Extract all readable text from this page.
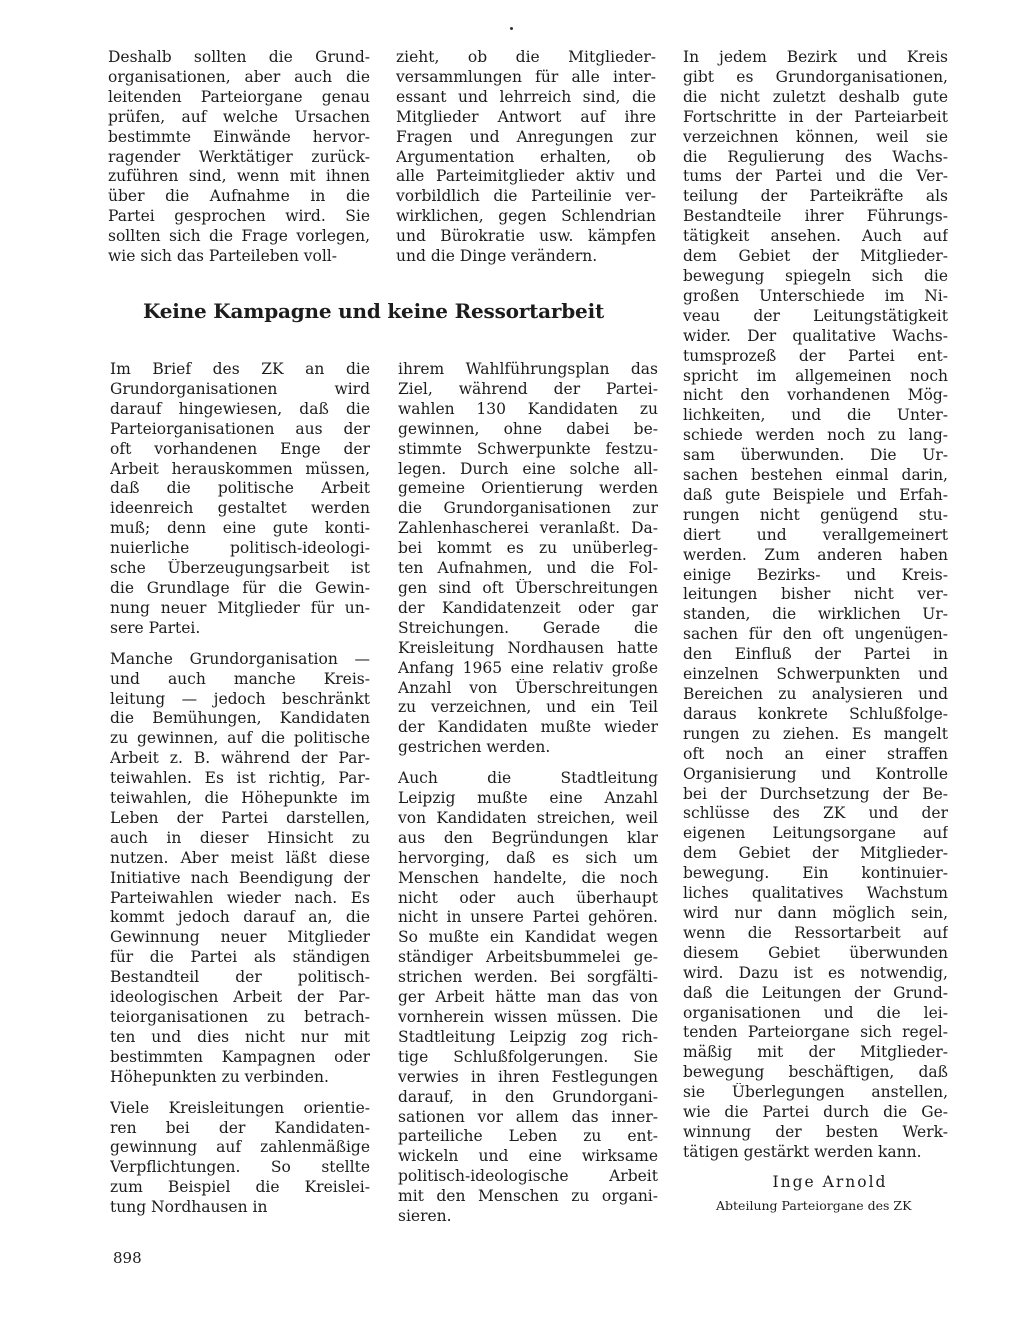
Deshalb sollten die Grund-
organisationen, aber auch die
leitenden Parteiorgane genau
prüfen, auf welche Ursachen
bestimmte Einwände hervor-
ragender Werktätiger zurück-
zuführen sind, wenn mit ihnen
über die Aufnahme in die
Partei gesprochen wird. Sie
sollten sich die Frage vorlegen,
wie sich das Parteileben voll-
zieht, ob die Mitglieder-
versammlungen für alle inter-
essant und lehrreich sind, die
Mitglieder Antwort auf ihre
Fragen und Anregungen zur
Argumentation erhalten, ob
alle Parteimitglieder aktiv und
vorbildlich die Parteilinie ver-
wirklichen, gegen Schlendrian
und Bürokratie usw. kämpfen
und die Dinge verändern.
Keine Kampagne und keine Ressortarbeit
Im Brief des ZK an die
Grundorganisationen wird
darauf hingewiesen, daß die
Parteiorganisationen aus der
oft vorhandenen Enge der
Arbeit herauskommen müssen,
daß die politische Arbeit
ideenreich gestaltet werden
muß; denn eine gute konti-
nuierliche politisch-ideologi-
sche Überzeugungsarbeit ist
die Grundlage für die Gewin-
nung neuer Mitglieder für un-
sere Partei.
Manche Grundorganisation —
und auch manche Kreis-
leitung — jedoch beschränkt
die Bemühungen, Kandidaten
zu gewinnen, auf die politische
Arbeit z. B. während der Par-
teiwahlen. Es ist richtig, Par-
teiwahlen, die Höhepunkte im
Leben der Partei darstellen,
auch in dieser Hinsicht zu
nutzen. Aber meist läßt diese
Initiative nach Beendigung der
Parteiwahlen wieder nach. Es
kommt jedoch darauf an, die
Gewinnung neuer Mitglieder
für die Partei als ständigen
Bestandteil der politisch-
ideologischen Arbeit der Par-
teiorganisationen zu betrach-
ten und dies nicht nur mit
bestimmten Kampagnen oder
Höhepunkten zu verbinden.
Viele Kreisleitungen orientie-
ren bei der Kandidaten-
gewinnung auf zahlenmäßige
Verpflichtungen. So stellte
zum Beispiel die Kreislei-
tung Nordhausen in
ihrem Wahlführungsplan das
Ziel, während der Partei-
wahlen 130 Kandidaten zu
gewinnen, ohne dabei be-
stimmte Schwerpunkte festzu-
legen. Durch eine solche all-
gemeine Orientierung werden
die Grundorganisationen zur
Zahlenhascherei veranlaßt. Da-
bei kommt es zu unüberleg-
ten Aufnahmen, und die Fol-
gen sind oft Überschreitungen
der Kandidatenzeit oder gar
Streichungen. Gerade die
Kreisleitung Nordhausen hatte
Anfang 1965 eine relativ große
Anzahl von Überschreitungen
zu verzeichnen, und ein Teil
der Kandidaten mußte wieder
gestrichen werden.
Auch die Stadtleitung
Leipzig mußte eine Anzahl
von Kandidaten streichen, weil
aus den Begründungen klar
hervorging, daß es sich um
Menschen handelte, die noch
nicht oder auch überhaupt
nicht in unsere Partei gehören.
So mußte ein Kandidat wegen
ständiger Arbeitsbummelei ge-
strichen werden. Bei sorgfälti-
ger Arbeit hätte man das von
vornherein wissen müssen. Die
Stadtleitung Leipzig zog rich-
tige Schlußfolgerungen. Sie
verwies in ihren Festlegungen
darauf, in den Grundorgani-
sationen vor allem das inner-
parteiliche Leben zu ent-
wickeln und eine wirksame
politisch-ideologische Arbeit
mit den Menschen zu organi-
sieren.
In jedem Bezirk und Kreis
gibt es Grundorganisationen,
die nicht zuletzt deshalb gute
Fortschritte in der Parteiarbeit
verzeichnen können, weil sie
die Regulierung des Wachs-
tums der Partei und die Ver-
teilung der Parteikräfte als
Bestandteile ihrer Führungs-
tätigkeit ansehen. Auch auf
dem Gebiet der Mitglieder-
bewegung spiegeln sich die
großen Unterschiede im Ni-
veau der Leitungstätigkeit
wider. Der qualitative Wachs-
tumsprozeß der Partei ent-
spricht im allgemeinen noch
nicht den vorhandenen Mög-
lichkeiten, und die Unter-
schiede werden noch zu lang-
sam überwunden. Die Ur-
sachen bestehen einmal darin,
daß gute Beispiele und Erfah-
rungen nicht genügend stu-
diert und verallgemeinert
werden. Zum anderen haben
einige Bezirks- und Kreis-
leitungen bisher nicht ver-
standen, die wirklichen Ur-
sachen für den oft ungenügen-
den Einfluß der Partei in
einzelnen Schwerpunkten und
Bereichen zu analysieren und
daraus konkrete Schlußfolge-
rungen zu ziehen. Es mangelt
oft noch an einer straffen
Organisierung und Kontrolle
bei der Durchsetzung der Be-
schlüsse des ZK und der
eigenen Leitungsorgane auf
dem Gebiet der Mitglieder-
bewegung. Ein kontinuier-
liches qualitatives Wachstum
wird nur dann möglich sein,
wenn die Ressortarbeit auf
diesem Gebiet überwunden
wird. Dazu ist es notwendig,
daß die Leitungen der Grund-
organisationen und die lei-
tenden Parteiorgane sich regel-
mäßig mit der Mitglieder-
bewegung beschäftigen, daß
sie Überlegungen anstellen,
wie die Partei durch die Ge-
winnung der besten Werk-
tätigen gestärkt werden kann.
Inge Arnold
Abteilung Parteiorgane des ZK
898
